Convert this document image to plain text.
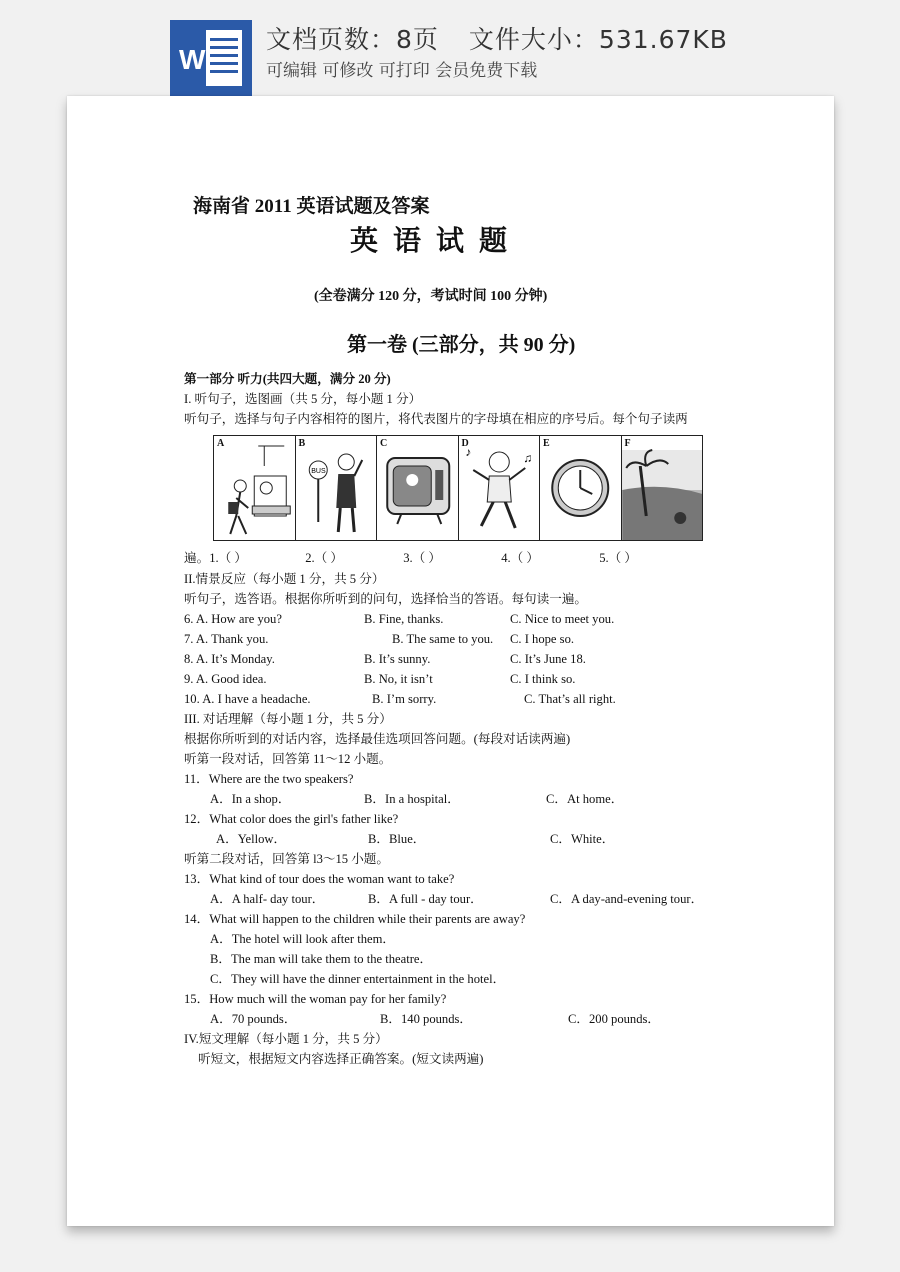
W
文档页数：8页 文件大小：531.67KB
可编辑 可修改 可打印 会员免费下载
海南省 2011 英语试题及答案
英 语 试 题
(全卷满分 120 分，考试时间 100 分钟)
第一卷 (三部分，共 90 分)
第一部分 听力(共四大题，满分 20 分)
I. 听句子，选图画（共 5 分，每小题 1 分）
听句子，选择与句子内容相符的图片，将代表图片的字母填在相应的序号后。每个句子读两
A	B
BUS
C	D
♪	♫
E	F
遍。1.（ ）	2.（ ）	3.（ ）	4.（ ）	5.（ ）
II.情景反应（每小题 1 分，共 5 分）
听句子，选答语。根据你所听到的问句，选择恰当的答语。每句读一遍。
6. A. How are you?	B. Fine, thanks.	C. Nice to meet you.
7. A. Thank you.	B. The same to you. C. I hope so.
8. A. It’s Monday.	B. It’s sunny.	C. It’s June 18.
9. A. Good idea.	B. No, it isn’t	C. I think so.
10. A. I have a headache.	B. I’m sorry.	C. That’s all right.
III. 对话理解（每小题 1 分，共 5 分）
根据你所听到的对话内容，选择最佳选项回答问题。(每段对话读两遍)
听第一段对话，回答第 11～12 小题。
11．Where are the two speakers?
A．In a shop．	B．In a hospital．	C．At home．
12．What color does the girl's father like?
A．Yellow．	B．Blue．	C．White．
听第二段对话，回答第 l3～15 小题。
13．What kind of tour does the woman want to take?
A．A half- day tour．	B．A full - day tour．	C．A day-and-evening tour．
14．What will happen to the children while their parents are away?
A．The hotel will look after them．
B．The man will take them to the theatre．
C．They will have the dinner entertainment in the hotel．
15．How much will the woman pay for her family?
A．70 pounds．	B．140 pounds．	C．200 pounds．
IV.短文理解（每小题 1 分，共 5 分）
听短文，根据短文内容选择正确答案。(短文读两遍)
